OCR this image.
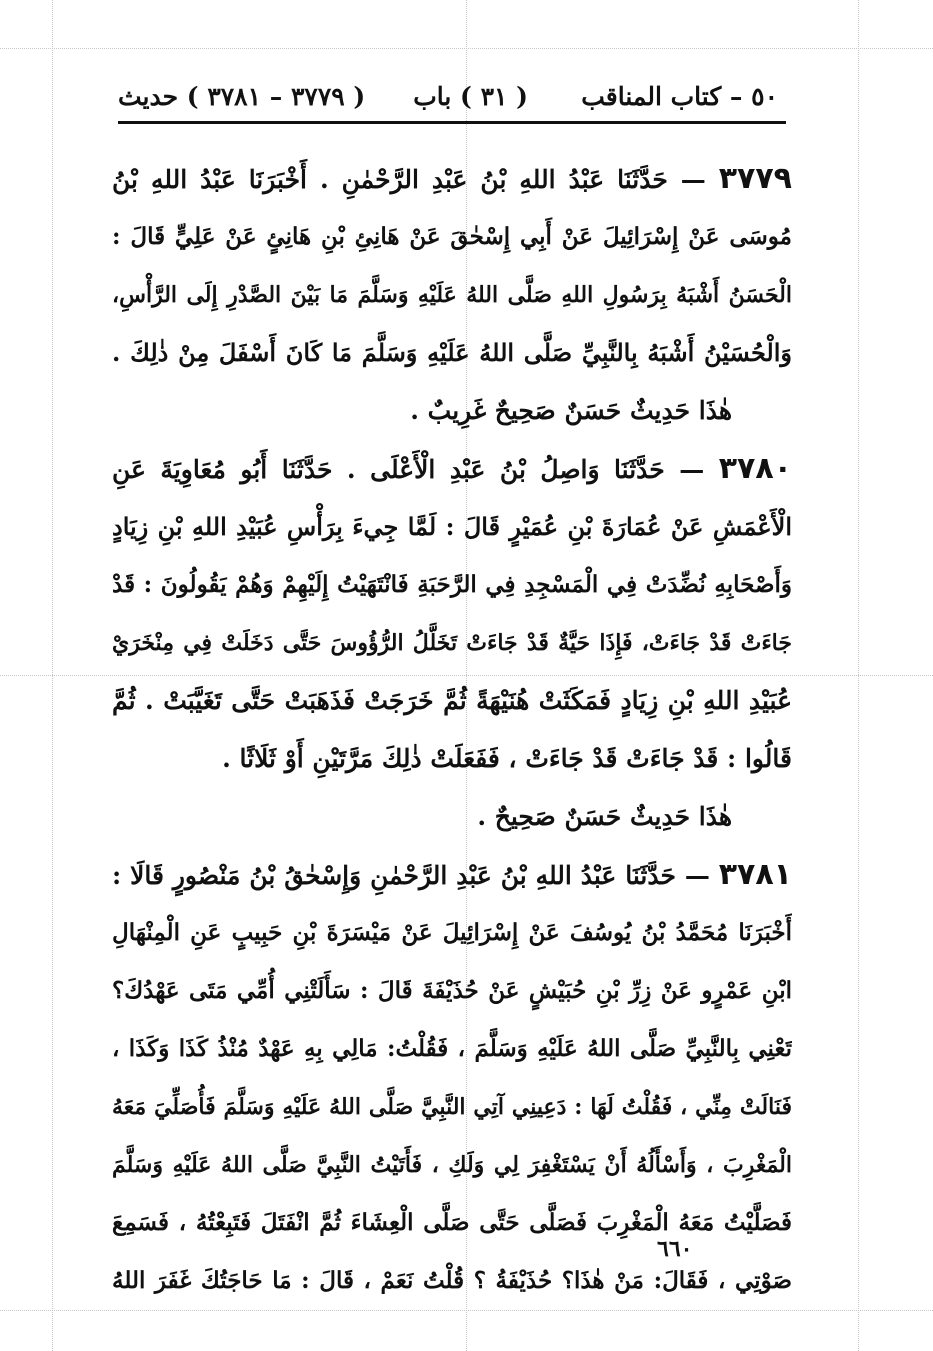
٥٠ – كتاب المناقب
( ٣١ ) باب
( ٣٧٧٩ – ٣٧٨١ ) حديث
٣٧٧٩ — حَدَّثَنَا عَبْدُ اللهِ بْنُ عَبْدِ الرَّحْمٰنِ . أَخْبَرَنَا عَبْدُ اللهِ بْنُ
مُوسَى عَنْ إِسْرَائِيلَ عَنْ أَبِي إِسْحٰقَ عَنْ هَانِئِ بْنِ هَانِئٍ عَنْ عَلِيٍّ قَالَ :
الْحَسَنُ أَشْبَهُ بِرَسُولِ اللهِ صَلَّى اللهُ عَلَيْهِ وَسَلَّمَ مَا بَيْنَ الصَّدْرِ إِلَى الرَّأْسِ،
وَالْحُسَيْنُ أَشْبَهُ بِالنَّبِيِّ صَلَّى اللهُ عَلَيْهِ وَسَلَّمَ مَا كَانَ أَسْفَلَ مِنْ ذٰلِكَ .
هٰذَا حَدِيثٌ حَسَنٌ صَحِيحٌ غَرِيبٌ .
٣٧٨٠ — حَدَّثَنَا وَاصِلُ بْنُ عَبْدِ الْأَعْلَى . حَدَّثَنَا أَبُو مُعَاوِيَةَ عَنِ
الْأَعْمَشِ عَنْ عُمَارَةَ بْنِ عُمَيْرٍ قَالَ : لَمَّا جِيءَ بِرَأْسِ عُبَيْدِ اللهِ بْنِ زِيَادٍ
وَأَصْحَابِهِ نُضِّدَتْ فِي الْمَسْجِدِ فِي الرَّحَبَةِ فَانْتَهَيْتُ إِلَيْهِمْ وَهُمْ يَقُولُونَ : قَدْ
جَاءَتْ قَدْ جَاءَتْ، فَإِذَا حَيَّةٌ قَدْ جَاءَتْ تَخَلَّلُ الرُّؤُوسَ حَتَّى دَخَلَتْ فِي مِنْخَرَيْ
عُبَيْدِ اللهِ بْنِ زِيَادٍ فَمَكَثَتْ هُنَيْهَةً ثُمَّ خَرَجَتْ فَذَهَبَتْ حَتَّى تَغَيَّبَتْ . ثُمَّ
قَالُوا : قَدْ جَاءَتْ قَدْ جَاءَتْ ، فَفَعَلَتْ ذٰلِكَ مَرَّتَيْنِ أَوْ ثَلَاثًا .
هٰذَا حَدِيثٌ حَسَنٌ صَحِيحٌ .
٣٧٨١ — حَدَّثَنَا عَبْدُ اللهِ بْنُ عَبْدِ الرَّحْمٰنِ وَإِسْحٰقُ بْنُ مَنْصُورٍ قَالَا :
أَخْبَرَنَا مُحَمَّدُ بْنُ يُوسُفَ عَنْ إِسْرَائِيلَ عَنْ مَيْسَرَةَ بْنِ حَبِيبٍ عَنِ الْمِنْهَالِ
ابْنِ عَمْرٍو عَنْ زِرِّ بْنِ حُبَيْشٍ عَنْ حُذَيْفَةَ قَالَ : سَأَلَتْنِي أُمِّي مَتَى عَهْدُكَ؟
تَعْنِي بِالنَّبِيِّ صَلَّى اللهُ عَلَيْهِ وَسَلَّمَ ، فَقُلْتُ: مَالِي بِهِ عَهْدٌ مُنْذُ كَذَا وَكَذَا ،
فَنَالَتْ مِنِّي ، فَقُلْتُ لَهَا : دَعِينِي آتِي النَّبِيَّ صَلَّى اللهُ عَلَيْهِ وَسَلَّمَ فَأُصَلِّيَ مَعَهُ
الْمَغْرِبَ ، وَأَسْأَلُهُ أَنْ يَسْتَغْفِرَ لِي وَلَكِ ، فَأَتَيْتُ النَّبِيَّ صَلَّى اللهُ عَلَيْهِ وَسَلَّمَ
فَصَلَّيْتُ مَعَهُ الْمَغْرِبَ فَصَلَّى حَتَّى صَلَّى الْعِشَاءَ ثُمَّ انْفَتَلَ فَتَبِعْتُهُ ، فَسَمِعَ
صَوْتِي ، فَقَالَ: مَنْ هٰذَا؟ حُذَيْفَةُ ؟ قُلْتُ نَعَمْ ، قَالَ : مَا حَاجَتُكَ غَفَرَ اللهُ
٦٦٠
